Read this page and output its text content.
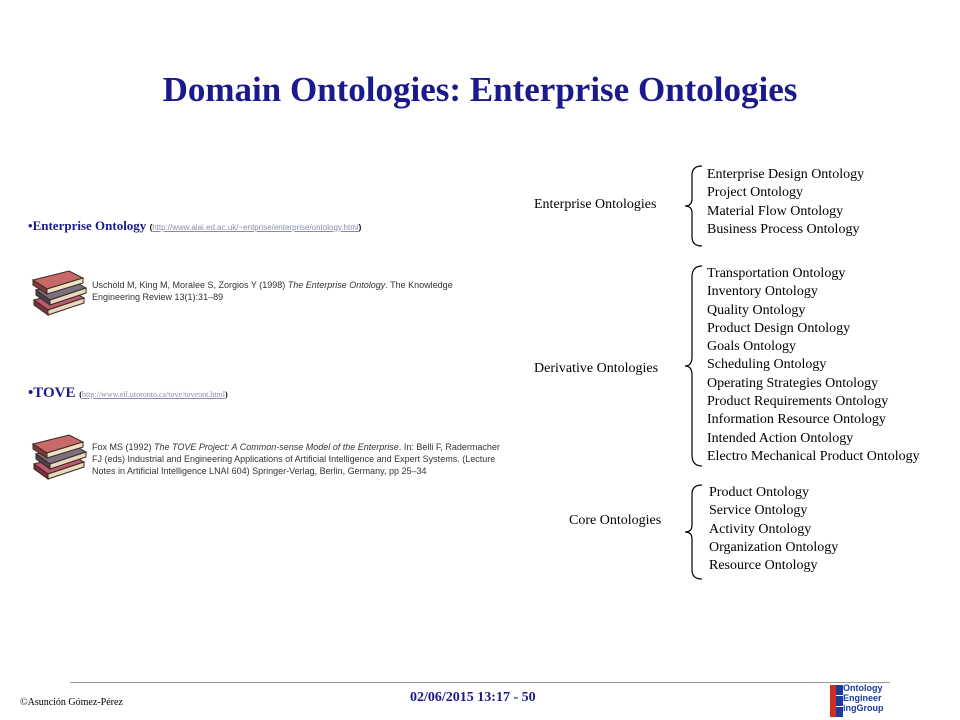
Domain Ontologies: Enterprise Ontologies
•Enterprise Ontology (http://www.aiai.ed.ac.uk/~entprise/enterprise/ontology.html)
Uschold M, King M, Moralee S, Zorgios Y (1998) The Enterprise Ontology. The Knowledge
Engineering Review 13(1):31–89
•TOVE (http://www.eil.utoronto.ca/tove/toveont.html)
Fox MS (1992) The TOVE Project: A Common-sense Model of the Enterprise. In: Belli F, Radermacher FJ (eds) Industrial and Engineering Applications of Artificial Intelligence and Expert Systems. (Lecture Notes in Artificial Intelligence LNAI 604) Springer-Verlag, Berlin, Germany, pp 25–34
Enterprise Ontologies
Enterprise Design Ontology
Project Ontology
Material Flow Ontology
Business Process Ontology
Derivative Ontologies
Transportation Ontology
Inventory Ontology
Quality Ontology
Product Design Ontology
Goals Ontology
Scheduling Ontology
Operating Strategies Ontology
Product Requirements Ontology
Information Resource Ontology
Intended Action Ontology
Electro Mechanical Product Ontology
Core Ontologies
Product Ontology
Service Ontology
Activity Ontology
Organization Ontology
Resource Ontology
©Asunción Gómez-Pérez	02/06/2015 13:17 - 50
Ontology
Engineer
ingGroup
